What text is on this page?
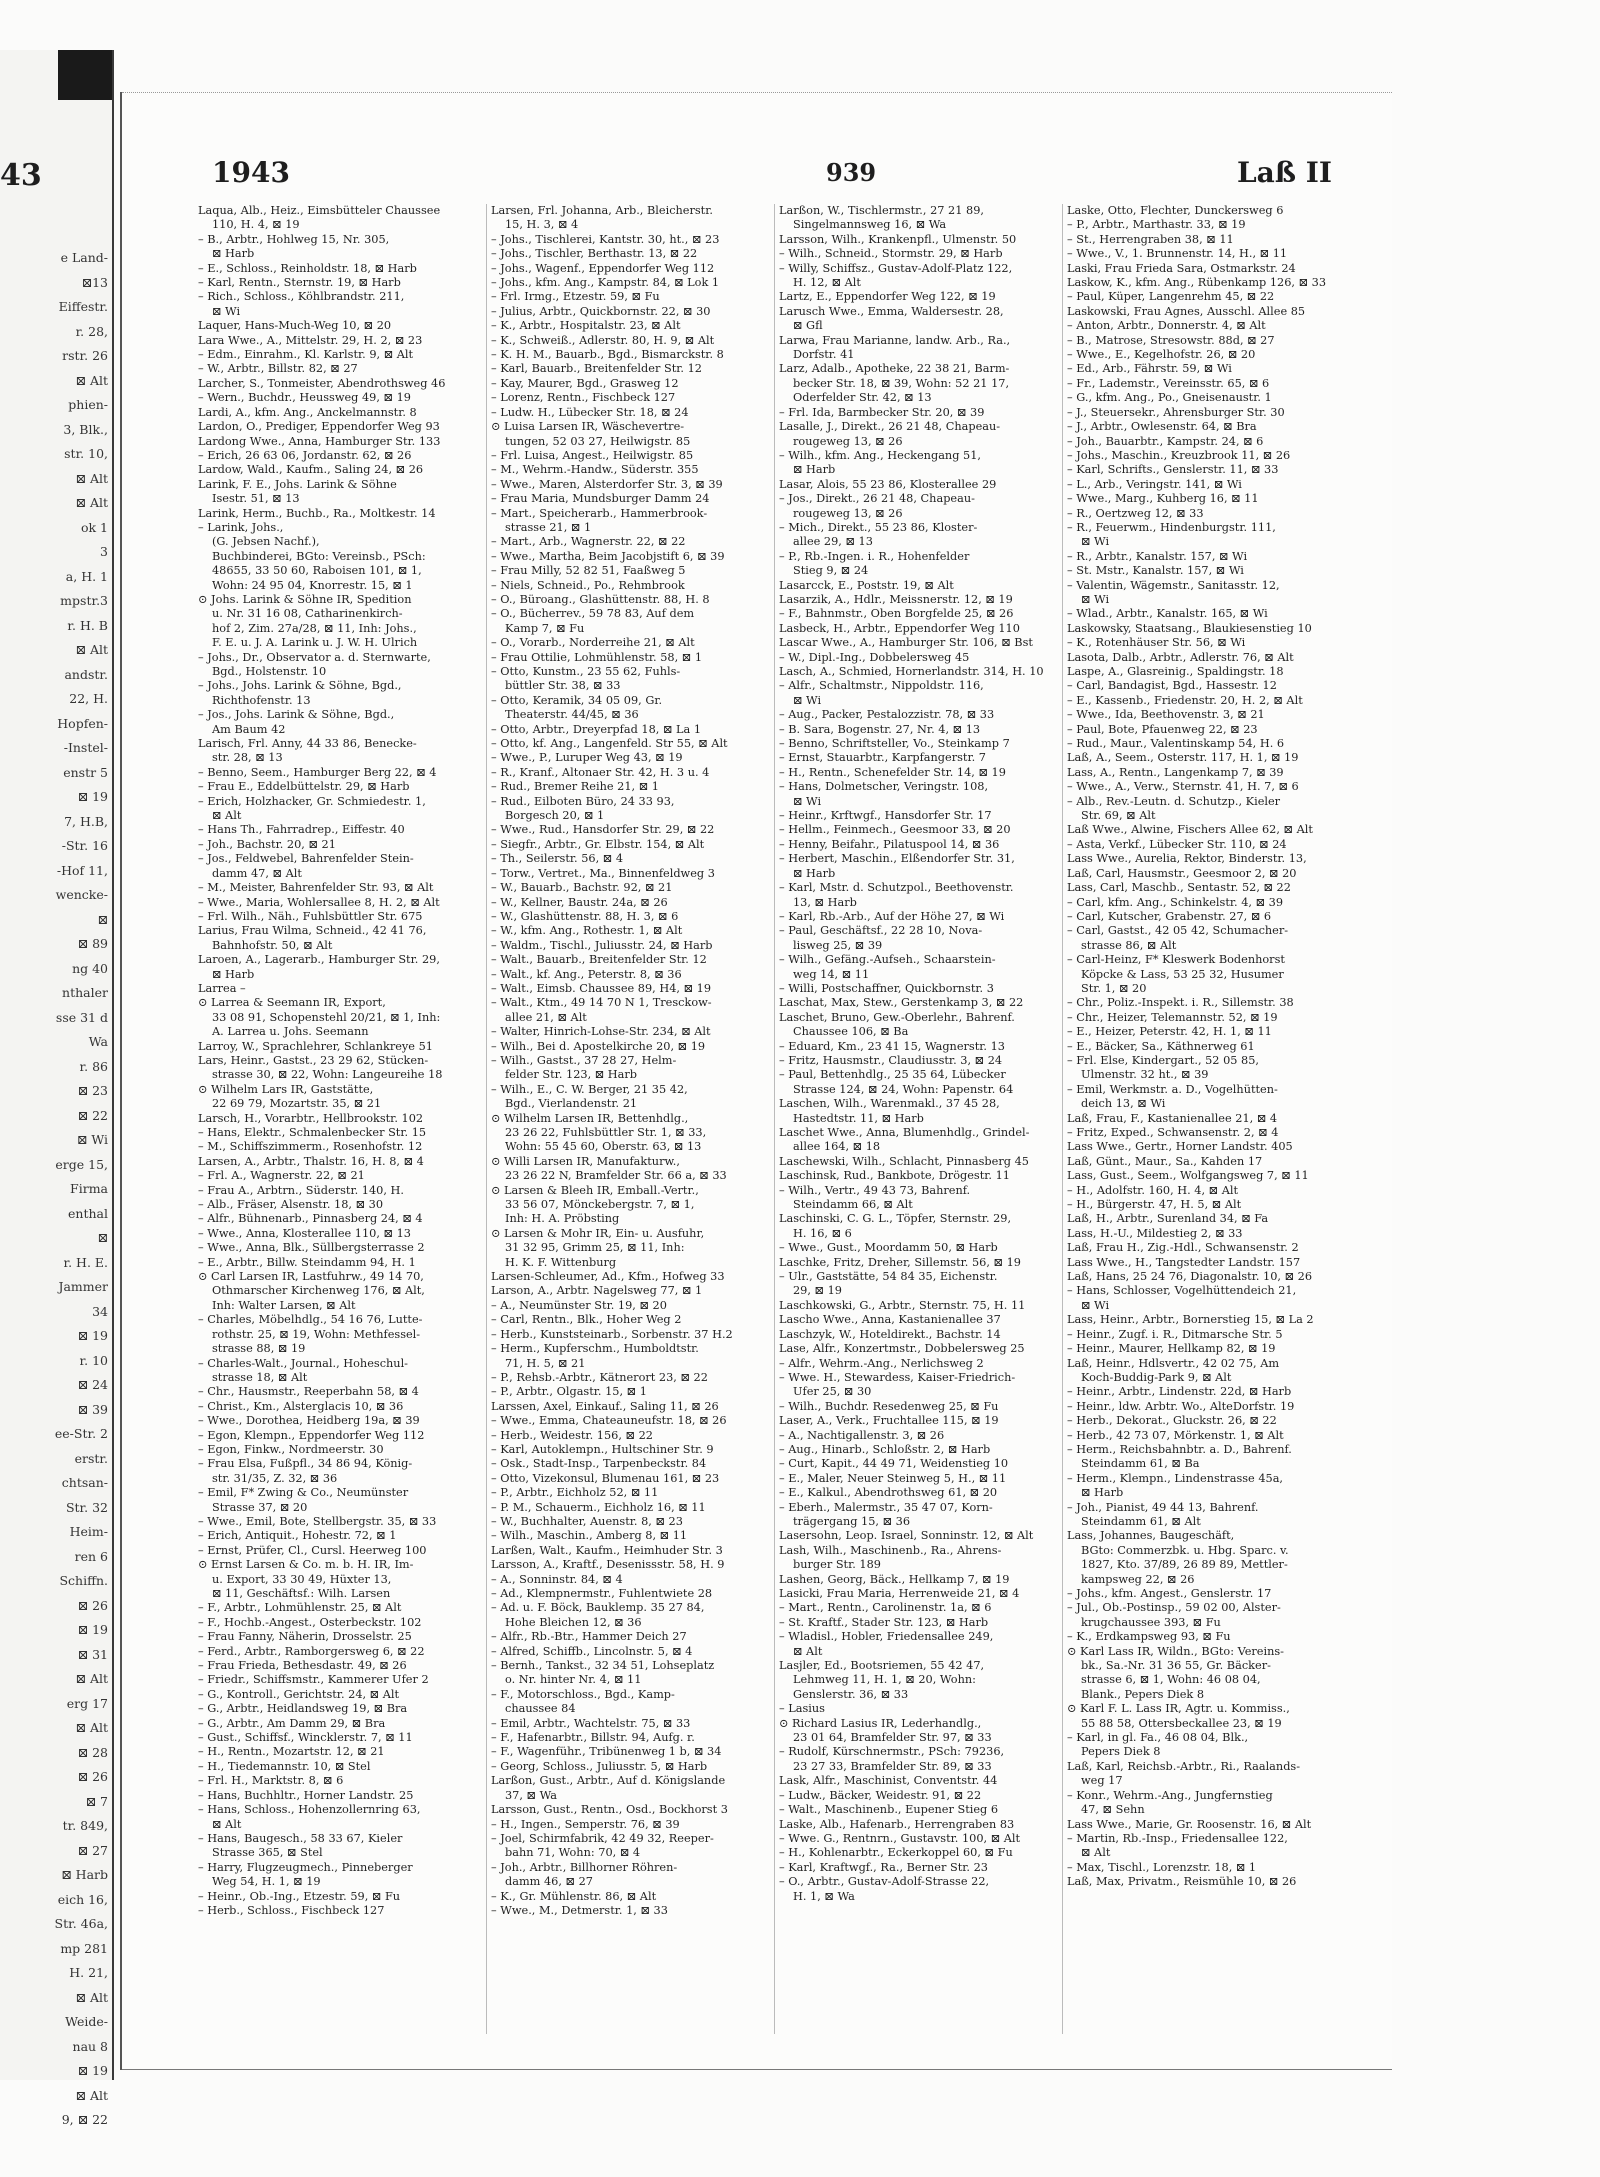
43
e Land-
⊠13
Eiffestr.
r. 28,
rstr. 26
⊠ Alt
phien-
3, Blk.,
str. 10,
⊠ Alt
⊠ Alt
ok 1
3
a, H. 1
mpstr.3
r. H. B
⊠ Alt
andstr.
22, H.
Hopfen-
-Instel-
enstr 5
⊠ 19
7, H.B,
-Str. 16
-Hof 11,
wencke-
⊠
⊠ 89
ng 40
nthaler
sse 31 d
Wa
r. 86
⊠ 23
⊠ 22
⊠ Wi
erge 15,
Firma
enthal
⊠
r. H. E.
Jammer
34
⊠ 19
r. 10
⊠ 24
⊠ 39
ee-Str. 2
erstr.
chtsan-
Str. 32
Heim-
ren 6
Schiffn.
⊠ 26
⊠ 19
⊠ 31
⊠ Alt
erg 17
⊠ Alt
⊠ 28
⊠ 26
⊠ 7
tr. 849,
⊠ 27
⊠ Harb
eich 16,
Str. 46a,
mp 281
H. 21,
⊠ Alt
Weide-
nau 8
⊠ 19
⊠ Alt
9, ⊠ 22
1943	939	Laß II
Laqua, Alb., Heiz., Eimsbütteler Chaussee
110, H. 4, ⊠ 19
– B., Arbtr., Hohlweg 15, Nr. 305,
⊠ Harb
– E., Schloss., Reinholdstr. 18, ⊠ Harb
– Karl, Rentn., Sternstr. 19, ⊠ Harb
– Rich., Schloss., Köhlbrandstr. 211,
⊠ Wi
Laquer, Hans-Much-Weg 10, ⊠ 20
Lara Wwe., A., Mittelstr. 29, H. 2, ⊠ 23
– Edm., Einrahm., Kl. Karlstr. 9, ⊠ Alt
– W., Arbtr., Billstr. 82, ⊠ 27
Larcher, S., Tonmeister, Abendrothsweg 46
– Wern., Buchdr., Heussweg 49, ⊠ 19
Lardi, A., kfm. Ang., Anckelmannstr. 8
Lardon, O., Prediger, Eppendorfer Weg 93
Lardong Wwe., Anna, Hamburger Str. 133
– Erich, 26 63 06, Jordanstr. 62, ⊠ 26
Lardow, Wald., Kaufm., Saling 24, ⊠ 26
Larink, F. E., Johs. Larink & Söhne
Isestr. 51, ⊠ 13
Larink, Herm., Buchb., Ra., Moltkestr. 14
– Larink, Johs.,
(G. Jebsen Nachf.),
Buchbinderei, BGto: Vereinsb., PSch:
48655, 33 50 60, Raboisen 101, ⊠ 1,
Wohn: 24 95 04, Knorrestr. 15, ⊠ 1
⊙ Johs. Larink & Söhne IR, Spedition
u. Nr. 31 16 08, Catharinenkirch-
hof 2, Zim. 27a/28, ⊠ 11, Inh: Johs.,
F. E. u. J. A. Larink u. J. W. H. Ulrich
– Johs., Dr., Observator a. d. Sternwarte,
Bgd., Holstenstr. 10
– Johs., Johs. Larink & Söhne, Bgd.,
Richthofenstr. 13
– Jos., Johs. Larink & Söhne, Bgd.,
Am Baum 42
Larisch, Frl. Anny, 44 33 86, Benecke-
str. 28, ⊠ 13
– Benno, Seem., Hamburger Berg 22, ⊠ 4
– Frau E., Eddelbüttelstr. 29, ⊠ Harb
– Erich, Holzhacker, Gr. Schmiedestr. 1,
⊠ Alt
– Hans Th., Fahrradrep., Eiffestr. 40
– Joh., Bachstr. 20, ⊠ 21
– Jos., Feldwebel, Bahrenfelder Stein-
damm 47, ⊠ Alt
– M., Meister, Bahrenfelder Str. 93, ⊠ Alt
– Wwe., Maria, Wohlersallee 8, H. 2, ⊠ Alt
– Frl. Wilh., Näh., Fuhlsbüttler Str. 675
Larius, Frau Wilma, Schneid., 42 41 76,
Bahnhofstr. 50, ⊠ Alt
Laroen, A., Lagerarb., Hamburger Str. 29,
⊠ Harb
Larrea –
⊙ Larrea & Seemann IR, Export,
33 08 91, Schopenstehl 20/21, ⊠ 1, Inh:
A. Larrea u. Johs. Seemann
Larroy, W., Sprachlehrer, Schlankreye 51
Lars, Heinr., Gastst., 23 29 62, Stücken-
strasse 30, ⊠ 22, Wohn: Langeureihe 18
⊙ Wilhelm Lars IR, Gaststätte,
22 69 79, Mozartstr. 35, ⊠ 21
Larsch, H., Vorarbtr., Hellbrookstr. 102
– Hans, Elektr., Schmalenbecker Str. 15
– M., Schiffszimmerm., Rosenhofstr. 12
Larsen, A., Arbtr., Thalstr. 16, H. 8, ⊠ 4
– Frl. A., Wagnerstr. 22, ⊠ 21
– Frau A., Arbtrn., Süderstr. 140, H.
– Alb., Fräser, Alsenstr. 18, ⊠ 30
– Alfr., Bühnenarb., Pinnasberg 24, ⊠ 4
– Wwe., Anna, Klosterallee 110, ⊠ 13
– Wwe., Anna, Blk., Süllbergsterrasse 2
– E., Arbtr., Billw. Steindamm 94, H. 1
⊙ Carl Larsen IR, Lastfuhrw., 49 14 70,
Othmarscher Kirchenweg 176, ⊠ Alt,
Inh: Walter Larsen, ⊠ Alt
– Charles, Möbelhdlg., 54 16 76, Lutte-
rothstr. 25, ⊠ 19, Wohn: Methfessel-
strasse 88, ⊠ 19
– Charles-Walt., Journal., Hoheschul-
strasse 18, ⊠ Alt
– Chr., Hausmstr., Reeperbahn 58, ⊠ 4
– Christ., Km., Alsterglacis 10, ⊠ 36
– Wwe., Dorothea, Heidberg 19a, ⊠ 39
– Egon, Klempn., Eppendorfer Weg 112
– Egon, Finkw., Nordmeerstr. 30
– Frau Elsa, Fußpfl., 34 86 94, König-
str. 31/35, Z. 32, ⊠ 36
– Emil, F* Zwing & Co., Neumünster
Strasse 37, ⊠ 20
– Wwe., Emil, Bote, Stellbergstr. 35, ⊠ 33
– Erich, Antiquit., Hohestr. 72, ⊠ 1
– Ernst, Prüfer, Cl., Cursl. Heerweg 100
⊙ Ernst Larsen & Co. m. b. H. IR, Im-
u. Export, 33 30 49, Hüxter 13,
⊠ 11, Geschäftsf.: Wilh. Larsen
– F., Arbtr., Lohmühlenstr. 25, ⊠ Alt
– F., Hochb.-Angest., Osterbeckstr. 102
– Frau Fanny, Näherin, Drosselstr. 25
– Ferd., Arbtr., Ramborgersweg 6, ⊠ 22
– Frau Frieda, Bethesdastr. 49, ⊠ 26
– Friedr., Schiffsmstr., Kammerer Ufer 2
– G., Kontroll., Gerichtstr. 24, ⊠ Alt
– G., Arbtr., Heidlandsweg 19, ⊠ Bra
– G., Arbtr., Am Damm 29, ⊠ Bra
– Gust., Schiffsf., Wincklerstr. 7, ⊠ 11
– H., Rentn., Mozartstr. 12, ⊠ 21
– H., Tiedemannstr. 10, ⊠ Stel
– Frl. H., Marktstr. 8, ⊠ 6
– Hans, Buchhltr., Horner Landstr. 25
– Hans, Schloss., Hohenzollernring 63,
⊠ Alt
– Hans, Baugesch., 58 33 67, Kieler
Strasse 365, ⊠ Stel
– Harry, Flugzeugmech., Pinneberger
Weg 54, H. 1, ⊠ 19
– Heinr., Ob.-Ing., Etzestr. 59, ⊠ Fu
– Herb., Schloss., Fischbeck 127
Larsen, Frl. Johanna, Arb., Bleicherstr.
15, H. 3, ⊠ 4
– Johs., Tischlerei, Kantstr. 30, ht., ⊠ 23
– Johs., Tischler, Berthastr. 13, ⊠ 22
– Johs., Wagenf., Eppendorfer Weg 112
– Johs., kfm. Ang., Kampstr. 84, ⊠ Lok 1
– Frl. Irmg., Etzestr. 59, ⊠ Fu
– Julius, Arbtr., Quickbornstr. 22, ⊠ 30
– K., Arbtr., Hospitalstr. 23, ⊠ Alt
– K., Schweiß., Adlerstr. 80, H. 9, ⊠ Alt
– K. H. M., Bauarb., Bgd., Bismarckstr. 8
– Karl, Bauarb., Breitenfelder Str. 12
– Kay, Maurer, Bgd., Grasweg 12
– Lorenz, Rentn., Fischbeck 127
– Ludw. H., Lübecker Str. 18, ⊠ 24
⊙ Luisa Larsen IR, Wäschevertre-
tungen, 52 03 27, Heilwigstr. 85
– Frl. Luisa, Angest., Heilwigstr. 85
– M., Wehrm.-Handw., Süderstr. 355
– Wwe., Maren, Alsterdorfer Str. 3, ⊠ 39
– Frau Maria, Mundsburger Damm 24
– Mart., Speicherarb., Hammerbrook-
strasse 21, ⊠ 1
– Mart., Arb., Wagnerstr. 22, ⊠ 22
– Wwe., Martha, Beim Jacobjstift 6, ⊠ 39
– Frau Milly, 52 82 51, Faaßweg 5
– Niels, Schneid., Po., Rehmbrook
– O., Büroang., Glashüttenstr. 88, H. 8
– O., Bücherrev., 59 78 83, Auf dem
Kamp 7, ⊠ Fu
– O., Vorarb., Norderreihe 21, ⊠ Alt
– Frau Ottilie, Lohmühlenstr. 58, ⊠ 1
– Otto, Kunstm., 23 55 62, Fuhls-
büttler Str. 38, ⊠ 33
– Otto, Keramik, 34 05 09, Gr.
Theaterstr. 44/45, ⊠ 36
– Otto, Arbtr., Dreyerpfad 18, ⊠ La 1
– Otto, kf. Ang., Langenfeld. Str 55, ⊠ Alt
– Wwe., P., Luruper Weg 43, ⊠ 19
– R., Kranf., Altonaer Str. 42, H. 3 u. 4
– Rud., Bremer Reihe 21, ⊠ 1
– Rud., Eilboten Büro, 24 33 93,
Borgesch 20, ⊠ 1
– Wwe., Rud., Hansdorfer Str. 29, ⊠ 22
– Siegfr., Arbtr., Gr. Elbstr. 154, ⊠ Alt
– Th., Seilerstr. 56, ⊠ 4
– Torw., Vertret., Ma., Binnenfeldweg 3
– W., Bauarb., Bachstr. 92, ⊠ 21
– W., Kellner, Baustr. 24a, ⊠ 26
– W., Glashüttenstr. 88, H. 3, ⊠ 6
– W., kfm. Ang., Rothestr. 1, ⊠ Alt
– Waldm., Tischl., Juliusstr. 24, ⊠ Harb
– Walt., Bauarb., Breitenfelder Str. 12
– Walt., kf. Ang., Peterstr. 8, ⊠ 36
– Walt., Eimsb. Chaussee 89, H4, ⊠ 19
– Walt., Ktm., 49 14 70 N 1, Tresckow-
allee 21, ⊠ Alt
– Walter, Hinrich-Lohse-Str. 234, ⊠ Alt
– Wilh., Bei d. Apostelkirche 20, ⊠ 19
– Wilh., Gastst., 37 28 27, Helm-
felder Str. 123, ⊠ Harb
– Wilh., E., C. W. Berger, 21 35 42,
Bgd., Vierlandenstr. 21
⊙ Wilhelm Larsen IR, Bettenhdlg.,
23 26 22, Fuhlsbüttler Str. 1, ⊠ 33,
Wohn: 55 45 60, Oberstr. 63, ⊠ 13
⊙ Willi Larsen IR, Manufakturw.,
23 26 22 N, Bramfelder Str. 66 a, ⊠ 33
⊙ Larsen & Bleeh IR, Emball.-Vertr.,
33 56 07, Mönckebergstr. 7, ⊠ 1,
Inh: H. A. Pröbsting
⊙ Larsen & Mohr IR, Ein- u. Ausfuhr,
31 32 95, Grimm 25, ⊠ 11, Inh:
H. K. F. Wittenburg
Larsen-Schleumer, Ad., Kfm., Hofweg 33
Larson, A., Arbtr. Nagelsweg 77, ⊠ 1
– A., Neumünster Str. 19, ⊠ 20
– Carl, Rentn., Blk., Hoher Weg 2
– Herb., Kunststeinarb., Sorbenstr. 37 H.2
– Herm., Kupferschm., Humboldtstr.
71, H. 5, ⊠ 21
– P., Rehsb.-Arbtr., Kätnerort 23, ⊠ 22
– P., Arbtr., Olgastr. 15, ⊠ 1
Larssen, Axel, Einkauf., Saling 11, ⊠ 26
– Wwe., Emma, Chateauneufstr. 18, ⊠ 26
– Herb., Weidestr. 156, ⊠ 22
– Karl, Autoklempn., Hultschiner Str. 9
– Osk., Stadt-Insp., Tarpenbeckstr. 84
– Otto, Vizekonsul, Blumenau 161, ⊠ 23
– P., Arbtr., Eichholz 52, ⊠ 11
– P. M., Schauerm., Eichholz 16, ⊠ 11
– W., Buchhalter, Auenstr. 8, ⊠ 23
– Wilh., Maschin., Amberg 8, ⊠ 11
Larßen, Walt., Kaufm., Heimhuder Str. 3
Larsson, A., Kraftf., Desenissstr. 58, H. 9
– A., Sonninstr. 84, ⊠ 4
– Ad., Klempnermstr., Fuhlentwiete 28
– Ad. u. F. Böck, Bauklemp. 35 27 84,
Hohe Bleichen 12, ⊠ 36
– Alfr., Rb.-Btr., Hammer Deich 27
– Alfred, Schiffb., Lincolnstr. 5, ⊠ 4
– Bernh., Tankst., 32 34 51, Lohseplatz
o. Nr. hinter Nr. 4, ⊠ 11
– F., Motorschloss., Bgd., Kamp-
chaussee 84
– Emil, Arbtr., Wachtelstr. 75, ⊠ 33
– F., Hafenarbtr., Billstr. 94, Aufg. r.
– F., Wagenführ., Tribünenweg 1 b, ⊠ 34
– Georg, Schloss., Juliusstr. 5, ⊠ Harb
Larßon, Gust., Arbtr., Auf d. Königslande
37, ⊠ Wa
Larsson, Gust., Rentn., Osd., Bockhorst 3
– H., Ingen., Semperstr. 76, ⊠ 39
– Joel, Schirmfabrik, 42 49 32, Reeper-
bahn 71, Wohn: 70, ⊠ 4
– Joh., Arbtr., Billhorner Röhren-
damm 46, ⊠ 27
– K., Gr. Mühlenstr. 86, ⊠ Alt
– Wwe., M., Detmerstr. 1, ⊠ 33
Larßon, W., Tischlermstr., 27 21 89,
Singelmannsweg 16, ⊠ Wa
Larsson, Wilh., Krankenpfl., Ulmenstr. 50
– Wilh., Schneid., Stormstr. 29, ⊠ Harb
– Willy, Schiffsz., Gustav-Adolf-Platz 122,
H. 12, ⊠ Alt
Lartz, E., Eppendorfer Weg 122, ⊠ 19
Larusch Wwe., Emma, Waldersestr. 28,
⊠ Gfl
Larwa, Frau Marianne, landw. Arb., Ra.,
Dorfstr. 41
Larz, Adalb., Apotheke, 22 38 21, Barm-
becker Str. 18, ⊠ 39, Wohn: 52 21 17,
Oderfelder Str. 42, ⊠ 13
– Frl. Ida, Barmbecker Str. 20, ⊠ 39
Lasalle, J., Direkt., 26 21 48, Chapeau-
rougeweg 13, ⊠ 26
– Wilh., kfm. Ang., Heckengang 51,
⊠ Harb
Lasar, Alois, 55 23 86, Klosterallee 29
– Jos., Direkt., 26 21 48, Chapeau-
rougeweg 13, ⊠ 26
– Mich., Direkt., 55 23 86, Kloster-
allee 29, ⊠ 13
– P., Rb.-Ingen. i. R., Hohenfelder
Stieg 9, ⊠ 24
Lasarcck, E., Poststr. 19, ⊠ Alt
Lasarzik, A., Hdlr., Meissnerstr. 12, ⊠ 19
– F., Bahnmstr., Oben Borgfelde 25, ⊠ 26
Lasbeck, H., Arbtr., Eppendorfer Weg 110
Lascar Wwe., A., Hamburger Str. 106, ⊠ Bst
– W., Dipl.-Ing., Dobbelersweg 45
Lasch, A., Schmied, Hornerlandstr. 314, H. 10
– Alfr., Schaltmstr., Nippoldstr. 116,
⊠ Wi
– Aug., Packer, Pestalozzistr. 78, ⊠ 33
– B. Sara, Bogenstr. 27, Nr. 4, ⊠ 13
– Benno, Schriftsteller, Vo., Steinkamp 7
– Ernst, Stauarbtr., Karpfangerstr. 7
– H., Rentn., Schenefelder Str. 14, ⊠ 19
– Hans, Dolmetscher, Veringstr. 108,
⊠ Wi
– Heinr., Krftwgf., Hansdorfer Str. 17
– Hellm., Feinmech., Geesmoor 33, ⊠ 20
– Henny, Beifahr., Pilatuspool 14, ⊠ 36
– Herbert, Maschin., Elßendorfer Str. 31,
⊠ Harb
– Karl, Mstr. d. Schutzpol., Beethovenstr.
13, ⊠ Harb
– Karl, Rb.-Arb., Auf der Höhe 27, ⊠ Wi
– Paul, Geschäftsf., 22 28 10, Nova-
lisweg 25, ⊠ 39
– Wilh., Gefäng.-Aufseh., Schaarstein-
weg 14, ⊠ 11
– Willi, Postschaffner, Quickbornstr. 3
Laschat, Max, Stew., Gerstenkamp 3, ⊠ 22
Laschet, Bruno, Gew.-Oberlehr., Bahrenf.
Chaussee 106, ⊠ Ba
– Eduard, Km., 23 41 15, Wagnerstr. 13
– Fritz, Hausmstr., Claudiusstr. 3, ⊠ 24
– Paul, Bettenhdlg., 25 35 64, Lübecker
Strasse 124, ⊠ 24, Wohn: Papenstr. 64
Laschen, Wilh., Warenmakl., 37 45 28,
Hastedtstr. 11, ⊠ Harb
Laschet Wwe., Anna, Blumenhdlg., Grindel-
allee 164, ⊠ 18
Laschewski, Wilh., Schlacht, Pinnasberg 45
Laschinsk, Rud., Bankbote, Drögestr. 11
– Wilh., Vertr., 49 43 73, Bahrenf.
Steindamm 66, ⊠ Alt
Laschinski, C. G. L., Töpfer, Sternstr. 29,
H. 16, ⊠ 6
– Wwe., Gust., Moordamm 50, ⊠ Harb
Laschke, Fritz, Dreher, Sillemstr. 56, ⊠ 19
– Ulr., Gaststätte, 54 84 35, Eichenstr.
29, ⊠ 19
Laschkowski, G., Arbtr., Sternstr. 75, H. 11
Lascho Wwe., Anna, Kastanienallee 37
Laschzyk, W., Hoteldirekt., Bachstr. 14
Lase, Alfr., Konzertmstr., Dobbelersweg 25
– Alfr., Wehrm.-Ang., Nerlichsweg 2
– Wwe. H., Stewardess, Kaiser-Friedrich-
Ufer 25, ⊠ 30
– Wilh., Buchdr. Resedenweg 25, ⊠ Fu
Laser, A., Verk., Fruchtallee 115, ⊠ 19
– A., Nachtigallenstr. 3, ⊠ 26
– Aug., Hinarb., Schloßstr. 2, ⊠ Harb
– Curt, Kapit., 44 49 71, Weidenstieg 10
– E., Maler, Neuer Steinweg 5, H., ⊠ 11
– E., Kalkul., Abendrothsweg 61, ⊠ 20
– Eberh., Malermstr., 35 47 07, Korn-
trägergang 15, ⊠ 36
Lasersohn, Leop. Israel, Sonninstr. 12, ⊠ Alt
Lash, Wilh., Maschinenb., Ra., Ahrens-
burger Str. 189
Lashen, Georg, Bäck., Hellkamp 7, ⊠ 19
Lasicki, Frau Maria, Herrenweide 21, ⊠ 4
– Mart., Rentn., Carolinenstr. 1a, ⊠ 6
– St. Kraftf., Stader Str. 123, ⊠ Harb
– Wladisl., Hobler, Friedensallee 249,
⊠ Alt
Lasjler, Ed., Bootsriemen, 55 42 47,
Lehmweg 11, H. 1, ⊠ 20, Wohn:
Genslerstr. 36, ⊠ 33
– Lasius
⊙ Richard Lasius IR, Lederhandlg.,
23 01 64, Bramfelder Str. 97, ⊠ 33
– Rudolf, Kürschnermstr., PSch: 79236,
23 27 33, Bramfelder Str. 89, ⊠ 33
Lask, Alfr., Maschinist, Conventstr. 44
– Ludw., Bäcker, Weidestr. 91, ⊠ 22
– Walt., Maschinenb., Eupener Stieg 6
Laske, Alb., Hafenarb., Herrengraben 83
– Wwe. G., Rentnrn., Gustavstr. 100, ⊠ Alt
– H., Kohlenarbtr., Eckerkoppel 60, ⊠ Fu
– Karl, Kraftwgf., Ra., Berner Str. 23
– O., Arbtr., Gustav-Adolf-Strasse 22,
H. 1, ⊠ Wa
Laske, Otto, Flechter, Dunckersweg 6
– P., Arbtr., Marthastr. 33, ⊠ 19
– St., Herrengraben 38, ⊠ 11
– Wwe., V., 1. Brunnenstr. 14, H., ⊠ 11
Laski, Frau Frieda Sara, Ostmarkstr. 24
Laskow, K., kfm. Ang., Rübenkamp 126, ⊠ 33
– Paul, Küper, Langenrehm 45, ⊠ 22
Laskowski, Frau Agnes, Ausschl. Allee 85
– Anton, Arbtr., Donnerstr. 4, ⊠ Alt
– B., Matrose, Stresowstr. 88d, ⊠ 27
– Wwe., E., Kegelhofstr. 26, ⊠ 20
– Ed., Arb., Fährstr. 59, ⊠ Wi
– Fr., Lademstr., Vereinsstr. 65, ⊠ 6
– G., kfm. Ang., Po., Gneisenaustr. 1
– J., Steuersekr., Ahrensburger Str. 30
– J., Arbtr., Owlesenstr. 64, ⊠ Bra
– Joh., Bauarbtr., Kampstr. 24, ⊠ 6
– Johs., Maschin., Kreuzbrook 11, ⊠ 26
– Karl, Schrifts., Genslerstr. 11, ⊠ 33
– L., Arb., Veringstr. 141, ⊠ Wi
– Wwe., Marg., Kuhberg 16, ⊠ 11
– R., Oertzweg 12, ⊠ 33
– R., Feuerwm., Hindenburgstr. 111,
⊠ Wi
– R., Arbtr., Kanalstr. 157, ⊠ Wi
– St. Mstr., Kanalstr. 157, ⊠ Wi
– Valentin, Wägemstr., Sanitasstr. 12,
⊠ Wi
– Wlad., Arbtr., Kanalstr. 165, ⊠ Wi
Laskowsky, Staatsang., Blaukiesenstieg 10
– K., Rotenhäuser Str. 56, ⊠ Wi
Lasota, Dalb., Arbtr., Adlerstr. 76, ⊠ Alt
Laspe, A., Glasreinig., Spaldingstr. 18
– Carl, Bandagist, Bgd., Hassestr. 12
– E., Kassenb., Friedenstr. 20, H. 2, ⊠ Alt
– Wwe., Ida, Beethovenstr. 3, ⊠ 21
– Paul, Bote, Pfauenweg 22, ⊠ 23
– Rud., Maur., Valentinskamp 54, H. 6
Laß, A., Seem., Osterstr. 117, H. 1, ⊠ 19
Lass, A., Rentn., Langenkamp 7, ⊠ 39
– Wwe., A., Verw., Sternstr. 41, H. 7, ⊠ 6
– Alb., Rev.-Leutn. d. Schutzp., Kieler
Str. 69, ⊠ Alt
Laß Wwe., Alwine, Fischers Allee 62, ⊠ Alt
– Asta, Verkf., Lübecker Str. 110, ⊠ 24
Lass Wwe., Aurelia, Rektor, Binderstr. 13,
Laß, Carl, Hausmstr., Geesmoor 2, ⊠ 20
Lass, Carl, Maschb., Sentastr. 52, ⊠ 22
– Carl, kfm. Ang., Schinkelstr. 4, ⊠ 39
– Carl, Kutscher, Grabenstr. 27, ⊠ 6
– Carl, Gastst., 42 05 42, Schumacher-
strasse 86, ⊠ Alt
– Carl-Heinz, F* Kleswerk Bodenhorst
Köpcke & Lass, 53 25 32, Husumer
Str. 1, ⊠ 20
– Chr., Poliz.-Inspekt. i. R., Sillemstr. 38
– Chr., Heizer, Telemannstr. 52, ⊠ 19
– E., Heizer, Peterstr. 42, H. 1, ⊠ 11
– E., Bäcker, Sa., Käthnerweg 61
– Frl. Else, Kindergart., 52 05 85,
Ulmenstr. 32 ht., ⊠ 39
– Emil, Werkmstr. a. D., Vogelhütten-
deich 13, ⊠ Wi
Laß, Frau, F., Kastanienallee 21, ⊠ 4
– Fritz, Exped., Schwansenstr. 2, ⊠ 4
Lass Wwe., Gertr., Horner Landstr. 405
Laß, Günt., Maur., Sa., Kahden 17
Lass, Gust., Seem., Wolfgangsweg 7, ⊠ 11
– H., Adolfstr. 160, H. 4, ⊠ Alt
– H., Bürgerstr. 47, H. 5, ⊠ Alt
Laß, H., Arbtr., Surenland 34, ⊠ Fa
Lass, H.-U., Mildestieg 2, ⊠ 33
Laß, Frau H., Zig.-Hdl., Schwansenstr. 2
Lass Wwe., H., Tangstedter Landstr. 157
Laß, Hans, 25 24 76, Diagonalstr. 10, ⊠ 26
– Hans, Schlosser, Vogelhüttendeich 21,
⊠ Wi
Lass, Heinr., Arbtr., Bornerstieg 15, ⊠ La 2
– Heinr., Zugf. i. R., Ditmarsche Str. 5
– Heinr., Maurer, Hellkamp 82, ⊠ 19
Laß, Heinr., Hdlsvertr., 42 02 75, Am
Koch-Buddig-Park 9, ⊠ Alt
– Heinr., Arbtr., Lindenstr. 22d, ⊠ Harb
– Heinr., ldw. Arbtr. Wo., AlteDorfstr. 19
– Herb., Dekorat., Gluckstr. 26, ⊠ 22
– Herb., 42 73 07, Mörkenstr. 1, ⊠ Alt
– Herm., Reichsbahnbtr. a. D., Bahrenf.
Steindamm 61, ⊠ Ba
– Herm., Klempn., Lindenstrasse 45a,
⊠ Harb
– Joh., Pianist, 49 44 13, Bahrenf.
Steindamm 61, ⊠ Alt
Lass, Johannes, Baugeschäft,
BGto: Commerzbk. u. Hbg. Sparc. v.
1827, Kto. 37/89, 26 89 89, Mettler-
kampsweg 22, ⊠ 26
– Johs., kfm. Angest., Genslerstr. 17
– Jul., Ob.-Postinsp., 59 02 00, Alster-
krugchaussee 393, ⊠ Fu
– K., Erdkampsweg 93, ⊠ Fu
⊙ Karl Lass IR, Wildn., BGto: Vereins-
bk., Sa.-Nr. 31 36 55, Gr. Bäcker-
strasse 6, ⊠ 1, Wohn: 46 08 04,
Blank., Pepers Diek 8
⊙ Karl F. L. Lass IR, Agtr. u. Kommiss.,
55 88 58, Ottersbeckallee 23, ⊠ 19
– Karl, in gl. Fa., 46 08 04, Blk.,
Pepers Diek 8
Laß, Karl, Reichsb.-Arbtr., Ri., Raalands-
weg 17
– Konr., Wehrm.-Ang., Jungfernstieg
47, ⊠ Sehn
Lass Wwe., Marie, Gr. Roosenstr. 16, ⊠ Alt
– Martin, Rb.-Insp., Friedensallee 122,
⊠ Alt
– Max, Tischl., Lorenzstr. 18, ⊠ 1
Laß, Max, Privatm., Reismühle 10, ⊠ 26
